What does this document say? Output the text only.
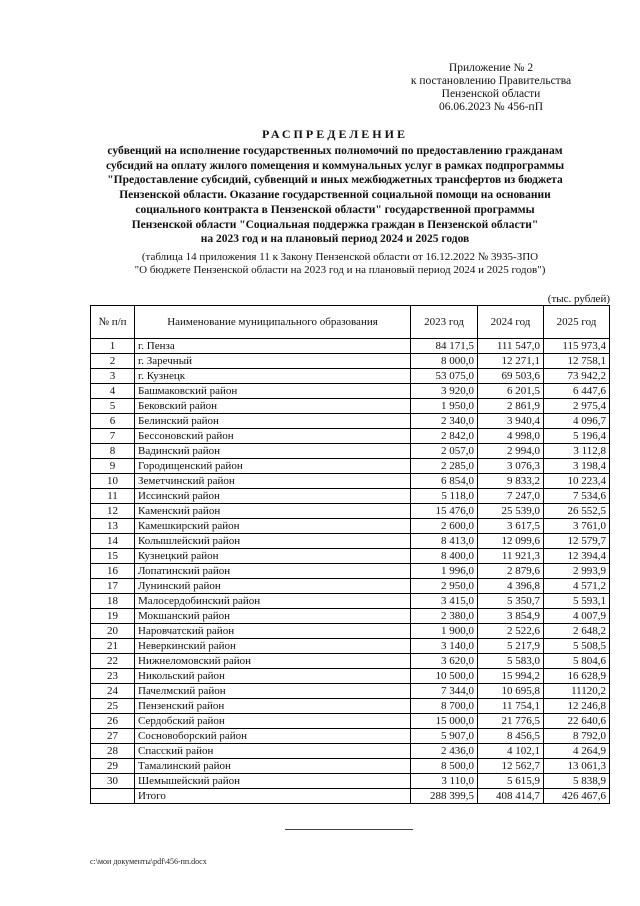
Приложение № 2
к постановлению Правительства
Пензенской области
06.06.2023 № 456-пП
РАСПРЕДЕЛЕНИЕ
субвенций на исполнение государственных полномочий по предоставлению гражданам
субсидий на оплату жилого помещения и коммунальных услуг в рамках подпрограммы
"Предоставление субсидий, субвенций и иных межбюджетных трансфертов из бюджета
Пензенской области. Оказание государственной социальной помощи на основании
социального контракта в Пензенской области" государственной программы
Пензенской области "Социальная поддержка граждан в Пензенской области"
на 2023 год и на плановый период 2024 и 2025 годов
(таблица 14 приложения 11 к Закону Пензенской области от 16.12.2022 № 3935-ЗПО
"О бюджете Пензенской области на 2023 год и на плановый период 2024 и 2025 годов")
(тыс. рублей)
№ п/п	Наименование муниципального образования	2023 год	2024 год	2025 год
1	г. Пенза	84 171,5	111 547,0	115 973,4
2	г. Заречный	8 000,0	12 271,1	12 758,1
3	г. Кузнецк	53 075,0	69 503,6	73 942,2
4	Башмаковский район	3 920,0	6 201,5	6 447,6
5	Бековский район	1 950,0	2 861,9	2 975,4
6	Белинский район	2 340,0	3 940,4	4 096,7
7	Бессоновский район	2 842,0	4 998,0	5 196,4
8	Вадинский район	2 057,0	2 994,0	3 112,8
9	Городищенский район	2 285,0	3 076,3	3 198,4
10	Земетчинский район	6 854,0	9 833,2	10 223,4
11	Иссинский район	5 118,0	7 247,0	7 534,6
12	Каменский район	15 476,0	25 539,0	26 552,5
13	Камешкирский район	2 600,0	3 617,5	3 761,0
14	Колышлейский район	8 413,0	12 099,6	12 579,7
15	Кузнецкий район	8 400,0	11 921,3	12 394,4
16	Лопатинский район	1 996,0	2 879,6	2 993,9
17	Лунинский район	2 950,0	4 396,8	4 571,2
18	Малосердобинский район	3 415,0	5 350,7	5 593,1
19	Мокшанский район	2 380,0	3 854,9	4 007,9
20	Наровчатский район	1 900,0	2 522,6	2 648,2
21	Неверкинский район	3 140,0	5 217,9	5 508,5
22	Нижнеломовский район	3 620,0	5 583,0	5 804,6
23	Никольский район	10 500,0	15 994,2	16 628,9
24	Пачелмский район	7 344,0	10 695,8	11120,2
25	Пензенский район	8 700,0	11 754,1	12 246,8
26	Сердобский район	15 000,0	21 776,5	22 640,6
27	Сосновоборский район	5 907,0	8 456,5	8 792,0
28	Спасский район	2 436,0	4 102,1	4 264,9
29	Тамалинский район	8 500,0	12 562,7	13 061,3
30	Шемышейский район	3 110,0	5 615,9	5 838,9
	Итого	288 399,5	408 414,7	426 467,6
c:\мои документы\pdf\456-пп.docx
